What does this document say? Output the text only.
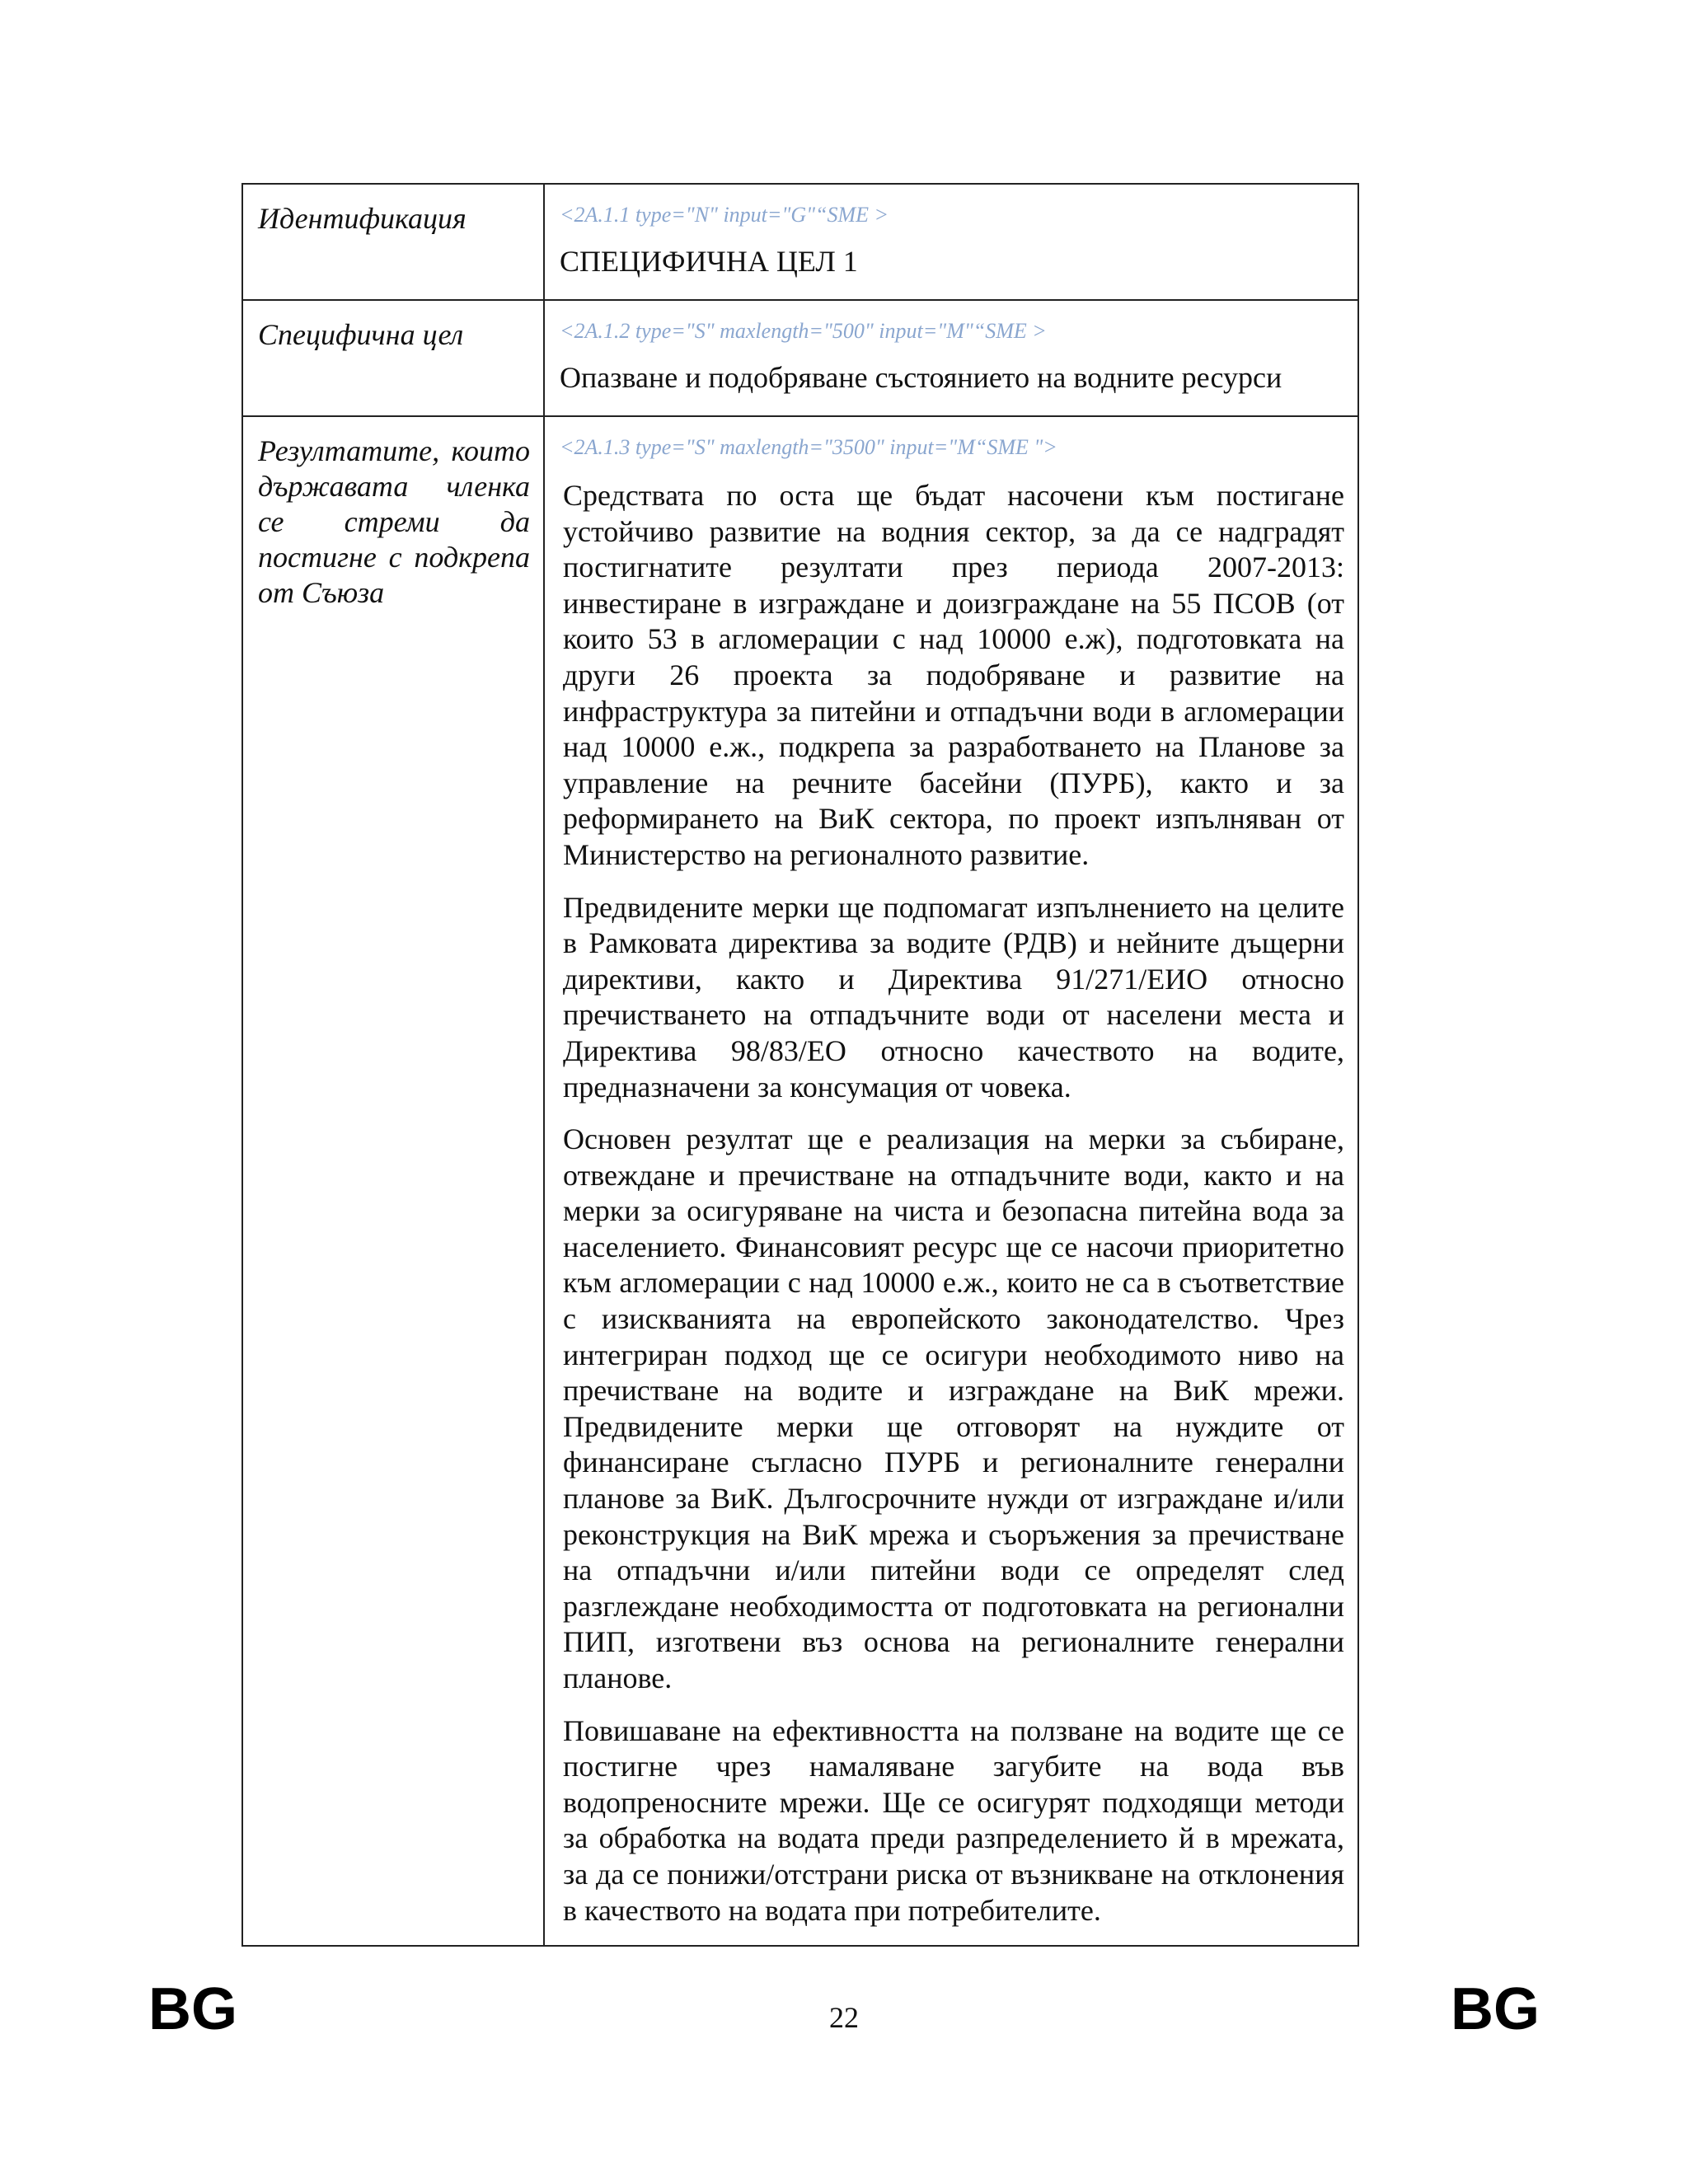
Идентификация	<2A.1.1 type="N" input="G"“SME >
СПЕЦИФИЧНА ЦЕЛ 1

Специфична цел	<2A.1.2 type="S" maxlength="500" input="M"“SME >
Опазване и подобряване състоянието на водните ресурси

Резултатите, които държавата членка се стреми да постигне с подкрепа от Съюза	<2A.1.3 type="S" maxlength="3500" input="M“SME ">

Средствата по оста ще бъдат насочени към постигане устойчиво развитие на водния сектор, за да се надградят постигнатите резултати през периода 2007-2013: инвестиране в изграждане и доизграждане на 55 ПСОВ (от които 53 в агломерации с над 10000 е.ж), подготовката на други 26 проекта за подобряване и развитие на инфраструктура за питейни и отпадъчни води в агломерации над 10000 е.ж., подкрепа за разработването на Планове за управление на речните басейни (ПУРБ), както и за реформирането на ВиК сектора, по проект изпълняван от Министерство на регионалното развитие.

Предвидените мерки ще подпомагат изпълнението на целите в Рамковата директива за водите (РДВ) и нейните дъщерни директиви, както и Директива 91/271/ЕИО относно пречистването на отпадъчните води от населени места и Директива 98/83/ЕО относно качеството на водите, предназначени за консумация от човека.

Основен резултат ще е реализация на мерки за събиране, отвеждане и пречистване на отпадъчните води, както и на мерки за осигуряване на чиста и безопасна питейна вода за населението. Финансовият ресурс ще се насочи приоритетно към агломерации с над 10000 е.ж., които не са в съответствие с изискванията на европейското законодателство. Чрез интегриран подход ще се осигури необходимото ниво на пречистване на водите и изграждане на ВиК мрежи. Предвидените мерки ще отговорят на нуждите от финансиране съгласно ПУРБ и регионалните генерални планове за ВиК. Дългосрочните нужди от изграждане и/или реконструкция на ВиК мрежа и съоръжения за пречистване на отпадъчни и/или питейни води се определят след разглеждане необходимостта от подготовката на регионални ПИП, изготвени въз основа на регионалните генерални планове.

Повишаване на ефективността на ползване на водите ще се постигне чрез намаляване загубите на вода във водопреносните мрежи. Ще се осигурят подходящи методи за обработка на водата преди разпределението й в мрежата, за да се понижи/отстрани риска от възникване на отклонения в качеството на водата при потребителите.

BG	22	BG
